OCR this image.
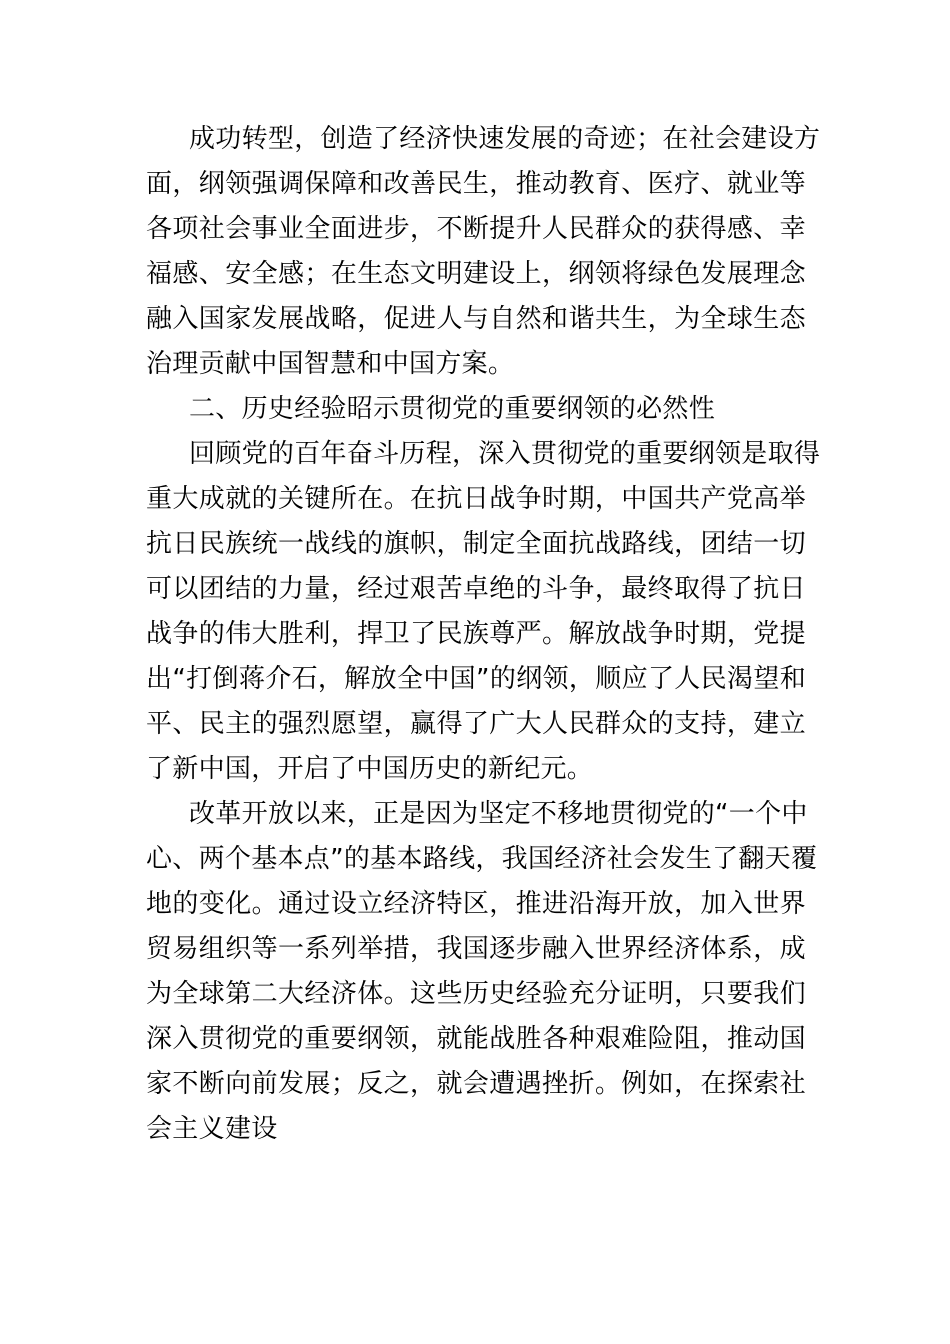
成功转型，创造了经济快速发展的奇迹；在社会建设方
面，纲领强调保障和改善民生，推动教育、医疗、就业等
各项社会事业全面进步，不断提升人民群众的获得感、幸
福感、安全感；在生态文明建设上，纲领将绿色发展理念
融入国家发展战略，促进人与自然和谐共生，为全球生态
治理贡献中国智慧和中国方案。
二、历史经验昭示贯彻党的重要纲领的必然性
回顾党的百年奋斗历程，深入贯彻党的重要纲领是取得
重大成就的关键所在。在抗日战争时期，中国共产党高举
抗日民族统一战线的旗帜，制定全面抗战路线，团结一切
可以团结的力量，经过艰苦卓绝的斗争，最终取得了抗日
战争的伟大胜利，捍卫了民族尊严。解放战争时期，党提
出“打倒蒋介石，解放全中国”的纲领，顺应了人民渴望和
平、民主的强烈愿望，赢得了广大人民群众的支持，建立
了新中国，开启了中国历史的新纪元。
改革开放以来，正是因为坚定不移地贯彻党的“一个中
心、两个基本点”的基本路线，我国经济社会发生了翻天覆
地的变化。通过设立经济特区，推进沿海开放，加入世界
贸易组织等一系列举措，我国逐步融入世界经济体系，成
为全球第二大经济体。这些历史经验充分证明，只要我们
深入贯彻党的重要纲领，就能战胜各种艰难险阻，推动国
家不断向前发展；反之，就会遭遇挫折。例如，在探索社
会主义建设
